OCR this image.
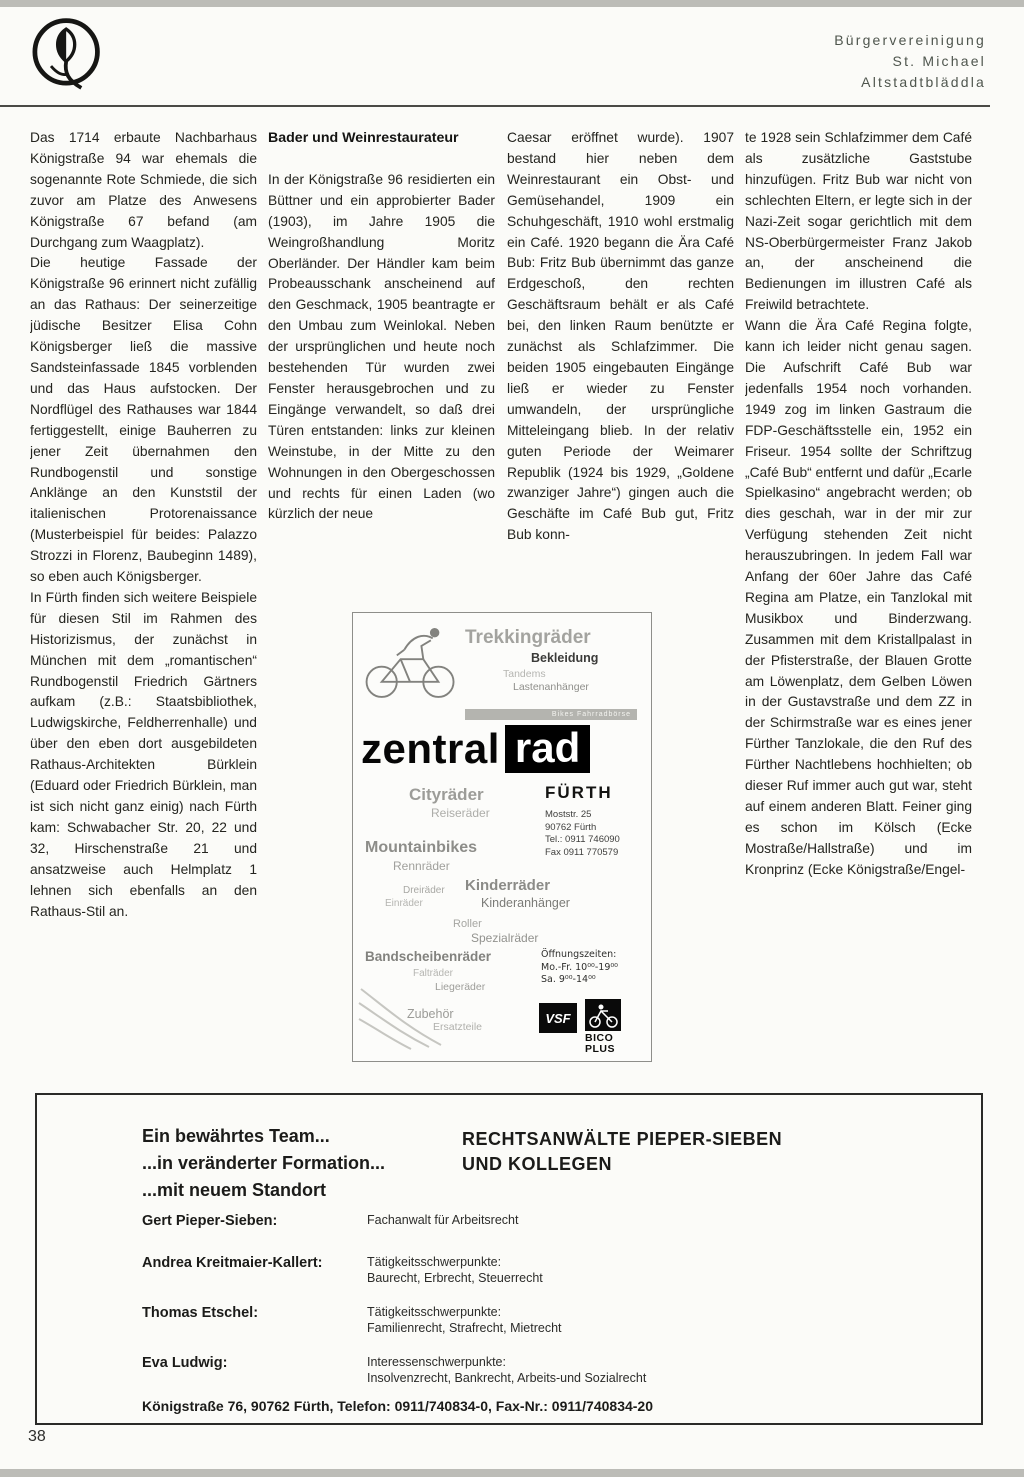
Bürgervereinigung
St. Michael
Altstadtbläddla

Das 1714 erbaute Nachbarhaus Königstraße 94 war ehemals die sogenannte Rote Schmiede, die sich zuvor am Platze des Anwesens Königstraße 67 befand (am Durchgang zum Waagplatz).

Die heutige Fassade der Königstraße 96 erinnert nicht zufällig an das Rathaus: Der seinerzeitige jüdische Besitzer Elisa Cohn Königsberger ließ die massive Sandsteinfassade 1845 vorblenden und das Haus aufstocken. Der Nordflügel des Rathauses war 1844 fertiggestellt, einige Bauherren zu jener Zeit übernahmen den Rundbogenstil und sonstige Anklänge an den Kunststil der italienischen Protorenaissance (Musterbeispiel für beides: Palazzo Strozzi in Florenz, Baubeginn 1489), so eben auch Königsberger.

In Fürth finden sich weitere Beispiele für diesen Stil im Rahmen des Historizismus, der zunächst in München mit dem „romantischen“ Rundbogenstil Friedrich Gärtners aufkam (z.B.: Staatsbibliothek, Ludwigskirche, Feldherrenhalle) und über den eben dort ausgebildeten Rathaus-Architekten Bürklein (Eduard oder Friedrich Bürklein, man ist sich nicht ganz einig) nach Fürth kam: Schwabacher Str. 20, 22 und 32, Hirschenstraße 21 und ansatzweise auch Helmplatz 1 lehnen sich ebenfalls an den Rathaus-Stil an.

Bader und Weinrestaurateur

In der Königstraße 96 residierten ein Büttner und ein approbierter Bader (1903), im Jahre 1905 die Weingroßhandlung Moritz Oberländer. Der Händler kam beim Probeausschank anscheinend auf den Geschmack, 1905 beantragte er den Umbau zum Weinlokal. Neben der ursprünglichen und heute noch bestehenden Tür wurden zwei Fenster herausgebrochen und zu Eingänge verwandelt, so daß drei Türen entstanden: links zur kleinen Weinstube, in der Mitte zu den Wohnungen in den Obergeschossen und rechts für einen Laden (wo kürzlich der neue

Caesar eröffnet wurde). 1907 bestand hier neben dem Weinrestaurant ein Obst- und Gemüsehandel, 1909 ein Schuhgeschäft, 1910 wohl erstmalig ein Café. 1920 begann die Ära Café Bub: Fritz Bub übernimmt das ganze Erdgeschoß, den rechten Geschäftsraum behält er als Café bei, den linken Raum benützte er zunächst als Schlafzimmer. Die beiden 1905 eingebauten Eingänge ließ er wieder zu Fenster umwandeln, der ursprüngliche Mitteleingang blieb. In der relativ guten Periode der Weimarer Republik (1924 bis 1929, „Goldene zwanziger Jahre“) gingen auch die Geschäfte im Café Bub gut, Fritz Bub konn-

te 1928 sein Schlafzimmer dem Café als zusätzliche Gaststube hinzufügen. Fritz Bub war nicht von schlechten Eltern, er legte sich in der Nazi-Zeit sogar gerichtlich mit dem NS-Oberbürgermeister Franz Jakob an, der anscheinend die Bedienungen im illustren Café als Freiwild betrachtete.

Wann die Ära Café Regina folgte, kann ich leider nicht genau sagen. Die Aufschrift Café Bub war jedenfalls 1954 noch vorhanden. 1949 zog im linken Gastraum die FDP-Geschäftsstelle ein, 1952 ein Friseur. 1954 sollte der Schriftzug „Café Bub“ entfernt und dafür „Ecarle Spielkasino“ angebracht werden; ob dies geschah, war in der mir zur Verfügung stehenden Zeit nicht herauszubringen. In jedem Fall war Anfang der 60er Jahre das Café Regina am Platze, ein Tanzlokal mit Musikbox und Binderzwang. Zusammen mit dem Kristallpalast in der Pfisterstraße, der Blauen Grotte am Löwenplatz, dem Gelben Löwen in der Gustavstraße und dem ZZ in der Schirmstraße war es eines jener Fürther Tanzlokale, die den Ruf des Fürther Nachtlebens hochhielten; ob dieser Ruf immer auch gut war, steht auf einem anderen Blatt. Feiner ging es schon im Kölsch (Ecke Mostraße/Hallstraße) und im Kronprinz (Ecke Königstraße/Engel-

Trekkingräder
Bekleidung
Tandems
Lastenanhänger
Bikes Fahrradbörse
zentral rad
Cityräder
Reiseräder
FÜRTH
Moststr. 25
90762 Fürth
Tel.: 0911 746090
Fax 0911 770579
Mountainbikes
Rennräder
Dreiräder
Einräder
Kinderräder
Kinderanhänger
Roller
Spezialräder
Bandscheibenräder
Falträder
Liegeräder
Öffnungszeiten:
Mo.-Fr. 10⁰⁰-19⁰⁰
Sa. 9⁰⁰-14⁰⁰
Zubehör
Ersatzteile
VSF
BICO
PLUS
Ein bewährtes Team...
...in veränderter Formation...
...mit neuem Standort
RECHTSANWÄLTE PIEPER-SIEBEN
UND KOLLEGEN
Gert Pieper-Sieben:	Fachanwalt für Arbeitsrecht
Andrea Kreitmaier-Kallert:	Tätigkeitsschwerpunkte:
Baurecht, Erbrecht, Steuerrecht
Thomas Etschel:	Tätigkeitsschwerpunkte:
Familienrecht, Strafrecht, Mietrecht
Eva Ludwig:	Interessenschwerpunkte:
Insolvenzrecht, Bankrecht, Arbeits-und Sozialrecht
Königstraße 76, 90762 Fürth, Telefon: 0911/740834-0, Fax-Nr.: 0911/740834-20
38
